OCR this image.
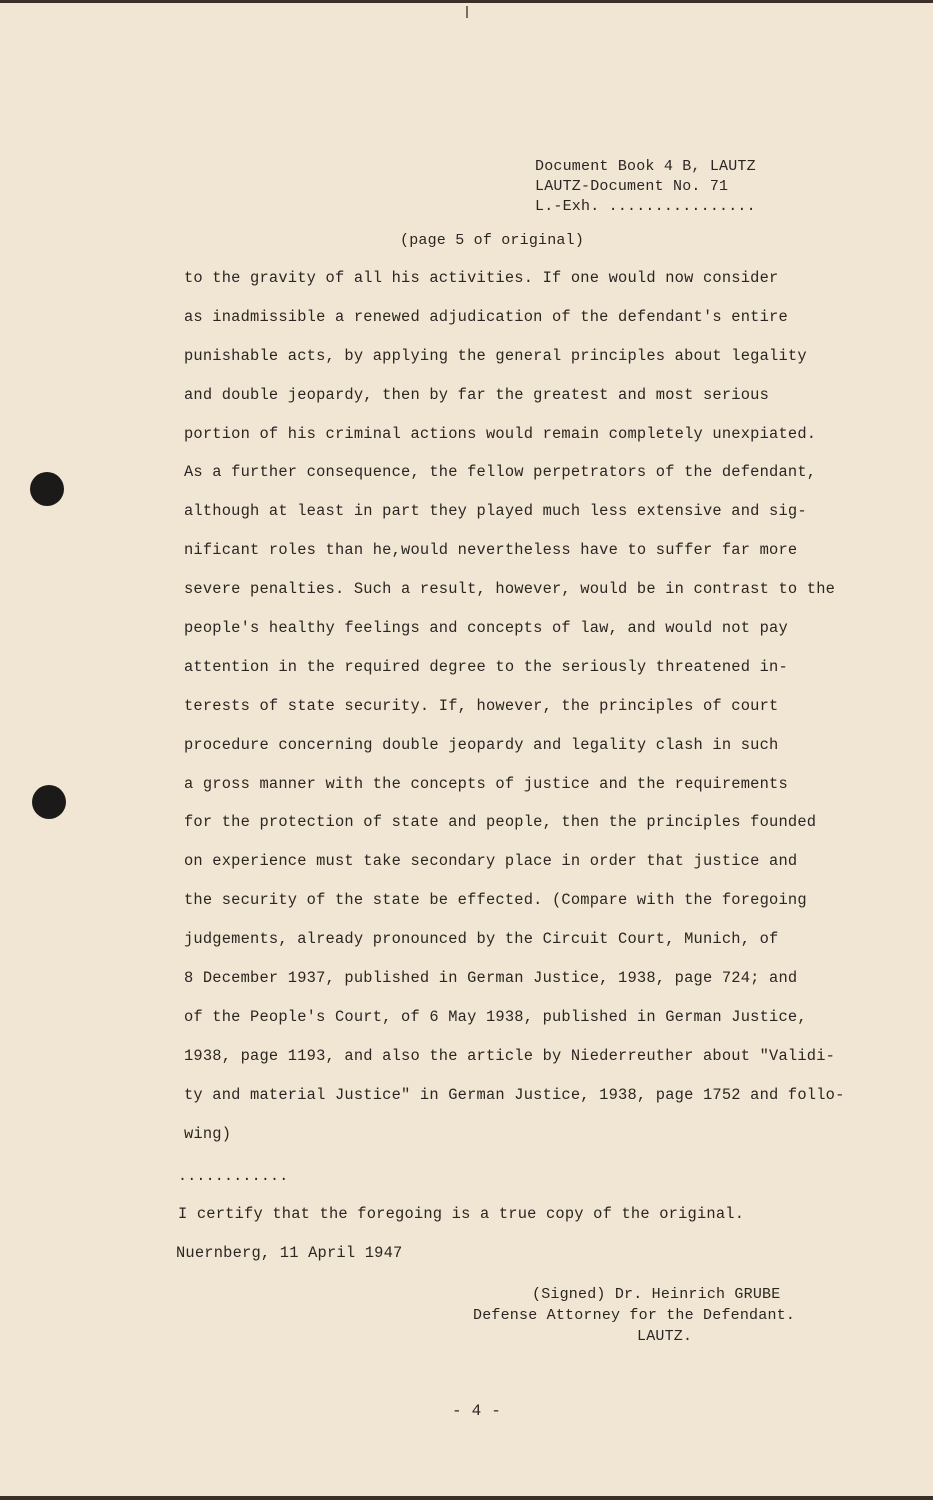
Document Book 4 B, LAUTZ
LAUTZ-Document No. 71
L.-Exh. ................
(page 5 of original)
to the gravity of all his activities. If one would now consider
as inadmissible a renewed adjudication of the defendant's entire
punishable acts, by applying the general principles about legality
and double jeopardy, then by far the greatest and most serious
portion of his criminal actions would remain completely unexpiated.
As a further consequence, the fellow perpetrators of the defendant,
although at least in part they played much less extensive and sig-
nificant roles than he,would nevertheless have to suffer far more
severe penalties. Such a result, however, would be in contrast to the
people's healthy feelings and concepts of law, and would not pay
attention in the required degree to the seriously threatened in-
terests of state security. If, however, the principles of court
procedure concerning double jeopardy and legality clash in such
a gross manner with the concepts of justice and the requirements
for the protection of state and people, then the principles founded
on experience must take secondary place in order that justice and
the security of the state be effected. (Compare with the foregoing
judgements, already pronounced by the Circuit Court, Munich, of
8 December 1937, published in German Justice, 1938, page 724; and
of the People's Court, of 6 May 1938, published in German Justice,
1938, page 1193, and also the article by Niederreuther about "Validi-
ty and material Justice" in German Justice, 1938, page 1752 and follo-
wing)
............
I certify that the foregoing is a true copy of the original.
Nuernberg, 11 April 1947
(Signed) Dr. Heinrich GRUBE
Defense Attorney for the Defendant.
LAUTZ.
- 4 -
